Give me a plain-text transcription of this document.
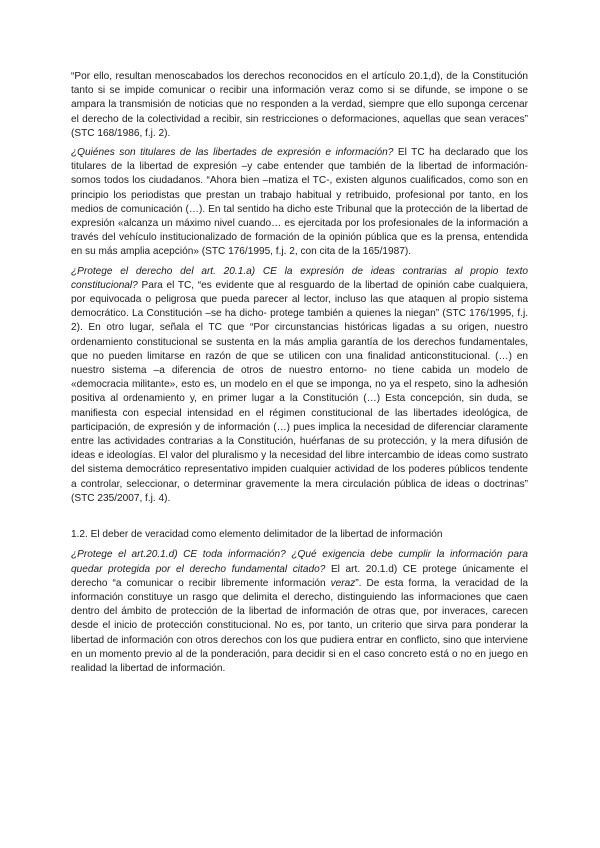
“Por ello, resultan menoscabados los derechos reconocidos en el artículo 20.1,d), de la Constitución tanto si se impide comunicar o recibir una información veraz como si se difunde, se impone o se ampara la transmisión de noticias que no responden a la verdad, siempre que ello suponga cercenar el derecho de la colectividad a recibir, sin restricciones o deformaciones, aquellas que sean veraces” (STC 168/1986, f.j. 2).

¿Quiénes son titulares de las libertades de expresión e información? El TC ha declarado que los titulares de la libertad de expresión –y cabe entender que también de la libertad de información- somos todos los ciudadanos. “Ahora bien –matiza el TC-, existen algunos cualificados, como son en principio los periodistas que prestan un trabajo habitual y retribuido, profesional por tanto, en los medios de comunicación (…). En tal sentido ha dicho este Tribunal que la protección de la libertad de expresión «alcanza un máximo nivel cuando… es ejercitada por los profesionales de la información a través del vehículo institucionalizado de formación de la opinión pública que es la prensa, entendida en su más amplia acepción» (STC 176/1995, f.j. 2, con cita de la 165/1987).

¿Protege el derecho del art. 20.1.a) CE la expresión de ideas contrarias al propio texto constitucional? Para el TC, “es evidente que al resguardo de la libertad de opinión cabe cualquiera, por equivocada o peligrosa que pueda parecer al lector, incluso las que ataquen al propio sistema democrático. La Constitución –se ha dicho- protege también a quienes la niegan” (STC 176/1995, f.j. 2). En otro lugar, señala el TC que “Por circunstancias históricas ligadas a su origen, nuestro ordenamiento constitucional se sustenta en la más amplia garantía de los derechos fundamentales, que no pueden limitarse en razón de que se utilicen con una finalidad anticonstitucional. (…) en nuestro sistema –a diferencia de otros de nuestro entorno- no tiene cabida un modelo de «democracia militante», esto es, un modelo en el que se imponga, no ya el respeto, sino la adhesión positiva al ordenamiento y, en primer lugar a la Constitución (…) Esta concepción, sin duda, se manifiesta con especial intensidad en el régimen constitucional de las libertades ideológica, de participación, de expresión y de información (…) pues implica la necesidad de diferenciar claramente entre las actividades contrarias a la Constitución, huérfanas de su protección, y la mera difusión de ideas e ideologías. El valor del pluralismo y la necesidad del libre intercambio de ideas como sustrato del sistema democrático representativo impiden cualquier actividad de los poderes públicos tendente a controlar, seleccionar, o determinar gravemente la mera circulación pública de ideas o doctrinas” (STC 235/2007, f.j. 4).

1.2. El deber de veracidad como elemento delimitador de la libertad de información

¿Protege el art.20.1.d) CE toda información? ¿Qué exigencia debe cumplir la información para quedar protegida por el derecho fundamental citado? El art. 20.1.d) CE protege únicamente el derecho “a comunicar o recibir libremente información veraz”. De esta forma, la veracidad de la información constituye un rasgo que delimita el derecho, distinguiendo las informaciones que caen dentro del ámbito de protección de la libertad de información de otras que, por inveraces, carecen desde el inicio de protección constitucional. No es, por tanto, un criterio que sirva para ponderar la libertad de información con otros derechos con los que pudiera entrar en conflicto, sino que interviene en un momento previo al de la ponderación, para decidir si en el caso concreto está o no en juego en realidad la libertad de información.
